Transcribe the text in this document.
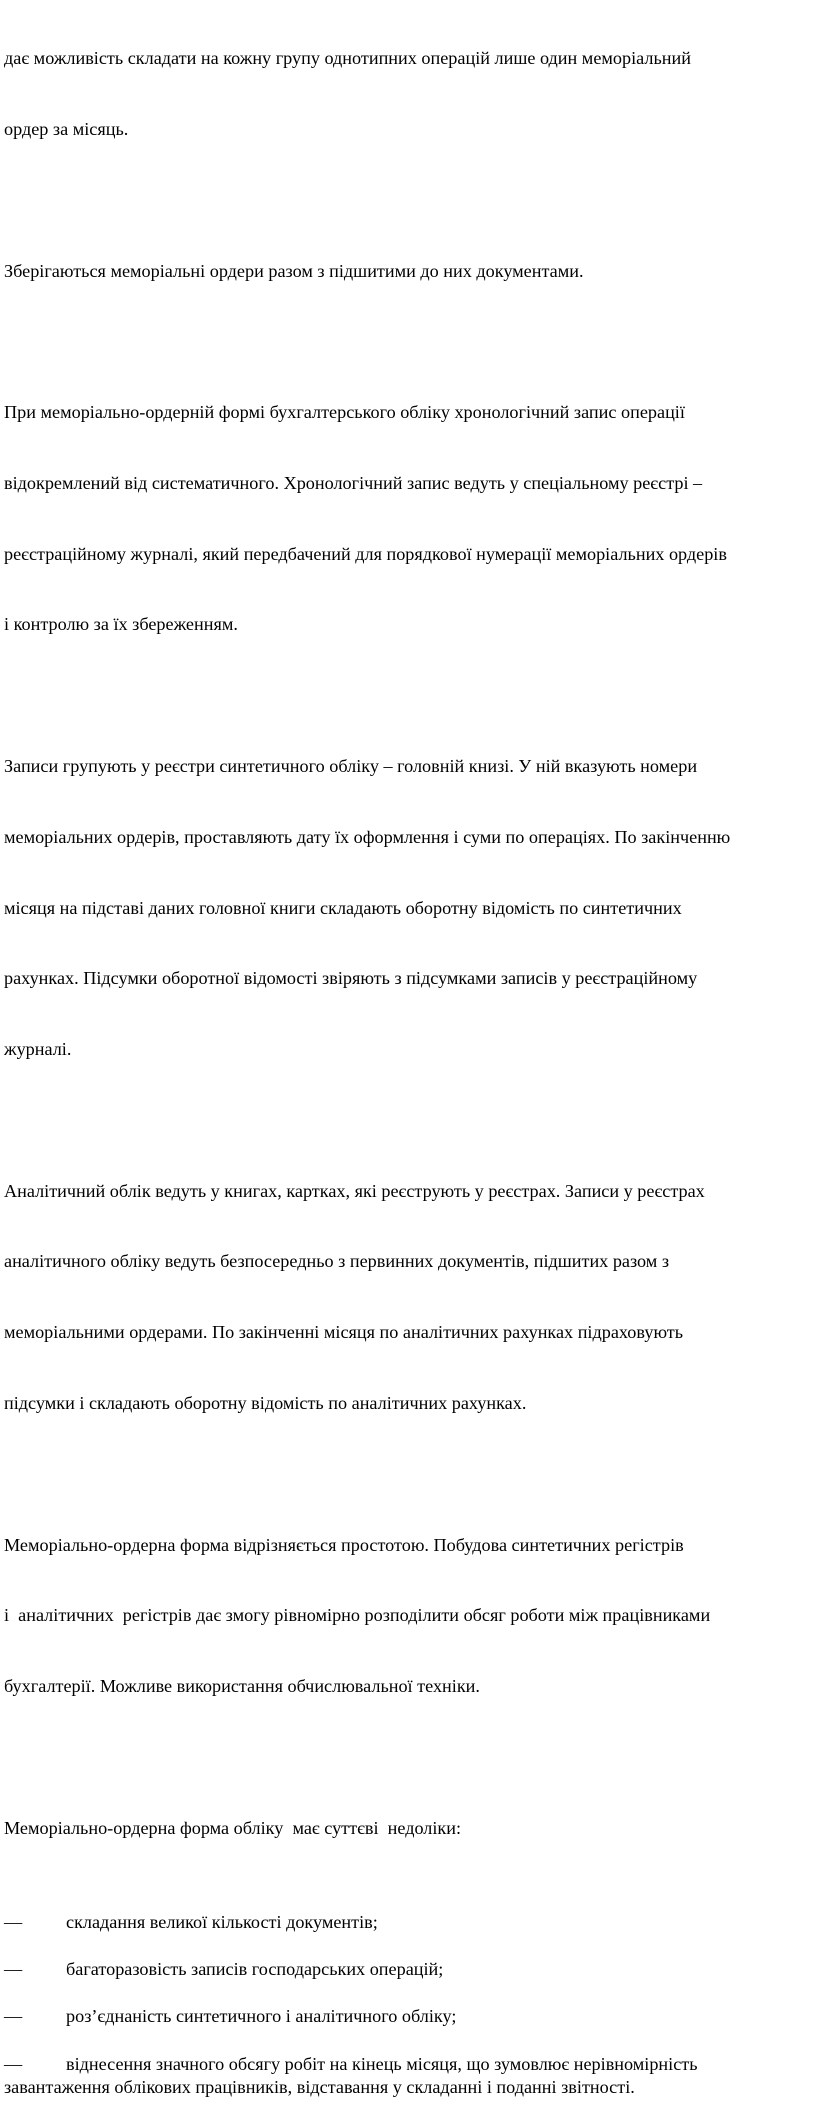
дає можливість складати на кожну групу однотипних операцій лише один меморіальний

ордер за місяць.

Зберігаються меморіальні ордери разом з підшитими до них документами.

При меморіально-ордерній формі бухгалтерського обліку хронологічний запис операції

відокремлений від систематичного. Хронологічний запис ведуть у спеціальному реєстрі –

реєстраційному журналі, який передбачений для порядкової нумерації меморіальних ордерів

і контролю за їх збереженням.

Записи групують у реєстри синтетичного обліку – головній книзі. У ній вказують номери

меморіальних ордерів, проставляють дату їх оформлення і суми по операціях. По закінченню

місяця на підставі даних головної книги складають оборотну відомість по синтетичних

рахунках. Підсумки оборотної відомості звіряють з підсумками записів у реєстраційному

журналі.

Аналітичний облік ведуть у книгах, картках, які реєструють у реєстрах. Записи у реєстрах

аналітичного обліку ведуть безпосередньо з первинних документів, підшитих разом з

меморіальними ордерами. По закінченні місяця по аналітичних рахунках підраховують

підсумки і складають оборотну відомість по аналітичних рахунках.

Меморіально-ордерна форма відрізняється простотою. Побудова синтетичних регістрів

і  аналітичних  регістрів дає змогу рівномірно розподілити обсяг роботи між працівниками

бухгалтерії. Можливе використання обчислювальної техніки.

Меморіально-ордерна форма обліку  має суттєві  недоліки:

—	складання великої кількості документів;
—	багаторазовість записів господарських операцій;
—	роз’єднаність синтетичного і аналітичного обліку;
—	віднесення значного обсягу робіт на кінець місяця, що зумовлює нерівномірність
завантаження облікових працівників, відставання у складанні і поданні звітності.
